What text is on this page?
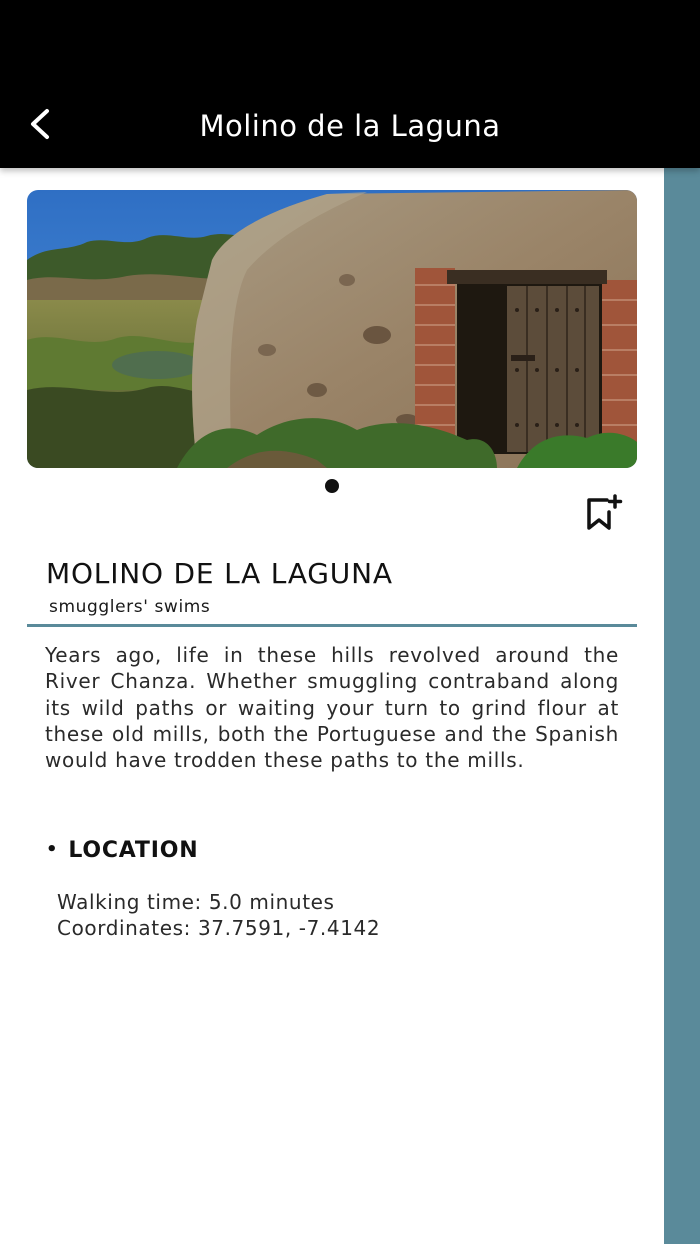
Molino de la Laguna
MOLINO DE LA LAGUNA
smugglers' swims

Years ago, life in these hills revolved around the River Chanza. Whether smuggling contraband along its wild paths or waiting your turn to grind flour at these old mills, both the Portuguese and the Spanish would have trodden these paths to the mills.

• LOCATION
Walking time: 5.0 minutes
Coordinates: 37.7591, -7.4142
